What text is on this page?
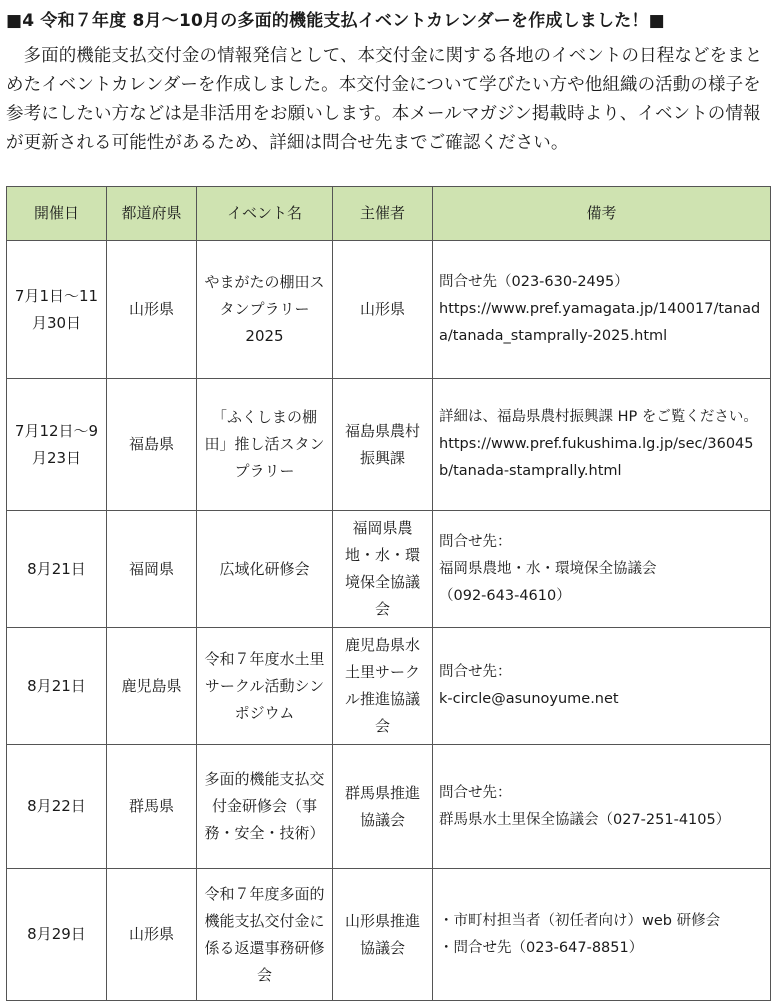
■4 令和７年度 8月～10月の多面的機能支払イベントカレンダーを作成しました！■

多面的機能支払交付金の情報発信として、本交付金に関する各地のイベントの日程などをまとめたイベントカレンダーを作成しました。本交付金について学びたい方や他組織の活動の様子を参考にしたい方などは是非活用をお願いします。本メールマガジン掲載時より、イベントの情報が更新される可能性があるため、詳細は問合せ先までご確認ください。

開催日	都道府県	イベント名	主催者	備考
7月1日～11月30日	山形県	やまがたの棚田スタンプラリー2025	山形県	問合せ先（023-630-2495）
https://www.pref.yamagata.jp/140017/tanada/tanada_stamprally-2025.html

7月12日～9月23日	福島県	「ふくしまの棚田」推し活スタンプラリー	福島県農村振興課	詳細は、福島県農村振興課 HP をご覧ください。
https://www.pref.fukushima.lg.jp/sec/36045b/tanada-stamprally.html

8月21日	福岡県	広域化研修会	福岡県農地・水・環境保全協議会	問合せ先：
福岡県農地・水・環境保全協議会
（092-643-4610）

8月21日	鹿児島県	令和７年度水土里サークル活動シンポジウム	鹿児島県水土里サークル推進協議会	問合せ先：
k-circle@asunoyume.net

8月22日	群馬県	多面的機能支払交付金研修会（事務・安全・技術）	群馬県推進協議会	問合せ先：
群馬県水土里保全協議会（027-251-4105）

8月29日	山形県	令和７年度多面的機能支払交付金に係る返還事務研修会	山形県推進協議会	・市町村担当者（初任者向け）web 研修会
・問合せ先（023-647-8851）
